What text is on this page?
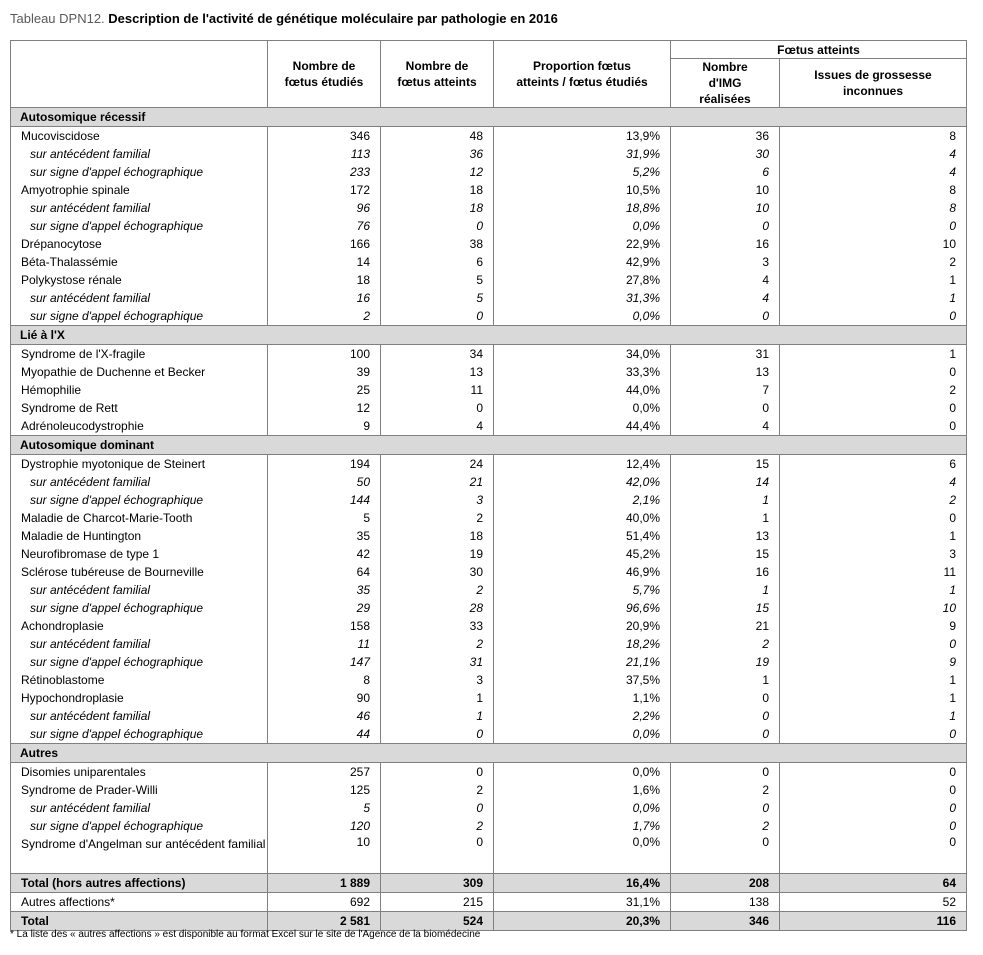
Tableau DPN12. Description de l'activité de génétique moléculaire par pathologie en 2016
	Nombre de fœtus étudiés	Nombre de fœtus atteints	Proportion fœtus atteints / fœtus étudiés	Fœtus atteints	
				Nombre d'IMG réalisées	Issues de grossesse inconnues
Autosomique récessif					
Mucoviscidose	346	48	13,9%	36	8
sur antécédent familial	113	36	31,9%	30	4
sur signe d'appel échographique	233	12	5,2%	6	4
Amyotrophie spinale	172	18	10,5%	10	8
sur antécédent familial	96	18	18,8%	10	8
sur signe d'appel échographique	76	0	0,0%	0	0
Drépanocytose	166	38	22,9%	16	10
Béta-Thalassémie	14	6	42,9%	3	2
Polykystose rénale	18	5	27,8%	4	1
sur antécédent familial	16	5	31,3%	4	1
sur signe d'appel échographique	2	0	0,0%	0	0
Lié à l'X					
Syndrome de l'X-fragile	100	34	34,0%	31	1
Myopathie de Duchenne et Becker	39	13	33,3%	13	0
Hémophilie	25	11	44,0%	7	2
Syndrome de Rett	12	0	0,0%	0	0
Adrénoleucodystrophie	9	4	44,4%	4	0
Autosomique dominant					
Dystrophie myotonique de Steinert	194	24	12,4%	15	6
sur antécédent familial	50	21	42,0%	14	4
sur signe d'appel échographique	144	3	2,1%	1	2
Maladie de Charcot-Marie-Tooth	5	2	40,0%	1	0
Maladie de Huntington	35	18	51,4%	13	1
Neurofibromase de type 1	42	19	45,2%	15	3
Sclérose tubéreuse de Bourneville	64	30	46,9%	16	11
sur antécédent familial	35	2	5,7%	1	1
sur signe d'appel échographique	29	28	96,6%	15	10
Achondroplasie	158	33	20,9%	21	9
sur antécédent familial	11	2	18,2%	2	0
sur signe d'appel échographique	147	31	21,1%	19	9
Rétinoblastome	8	3	37,5%	1	1
Hypochondroplasie	90	1	1,1%	0	1
sur antécédent familial	46	1	2,2%	0	1
sur signe d'appel échographique	44	0	0,0%	0	0
Autres					
Disomies uniparentales	257	0	0,0%	0	0
Syndrome de Prader-Willi	125	2	1,6%	2	0
sur antécédent familial	5	0	0,0%	0	0
sur signe d'appel échographique	120	2	1,7%	2	0
Syndrome d'Angelman sur antécédent familial	10	0	0,0%	0	0
Total (hors autres affections)	1 889	309	16,4%	208	64
Autres affections*	692	215	31,1%	138	52
Total	2 581	524	20,3%	346	116
* La liste des « autres affections » est disponible au format Excel sur le site de l'Agence de la biomédecine
